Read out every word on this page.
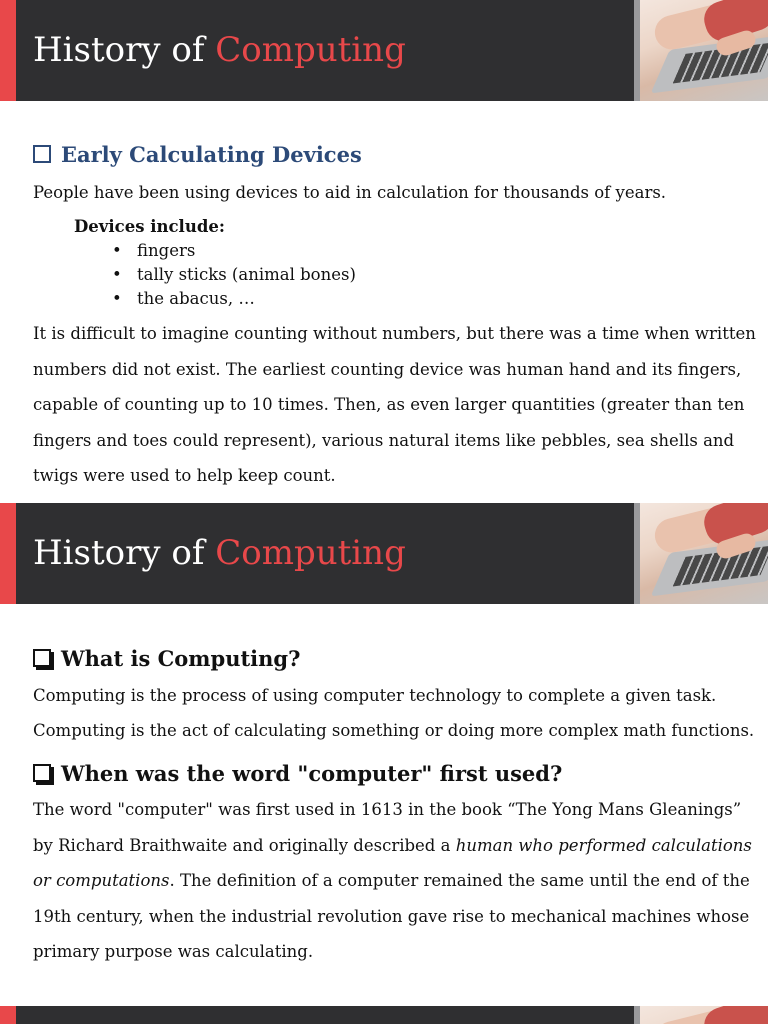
History of Computing
Early Calculating Devices
People have been using devices to aid in calculation for thousands of years.
Devices include:
• fingers
• tally sticks (animal bones)
• the abacus, …
It is difficult to imagine counting without numbers, but there was a time when written
numbers did not exist. The earliest counting device was human hand and its fingers,
capable of counting up to 10 times. Then, as even larger quantities (greater than ten
fingers and toes could represent), various natural items like pebbles, sea shells and
twigs were used to help keep count.
History of Computing
What is Computing?
Computing is the process of using computer technology to complete a given task.
Computing is the act of calculating something or doing more complex math functions.
When was the word "computer" first used?
The word "computer" was first used in 1613 in the book “The Yong Mans Gleanings”
by Richard Braithwaite and originally described a human who performed calculations
or computations. The definition of a computer remained the same until the end of the
19th century, when the industrial revolution gave rise to mechanical machines whose
primary purpose was calculating.
